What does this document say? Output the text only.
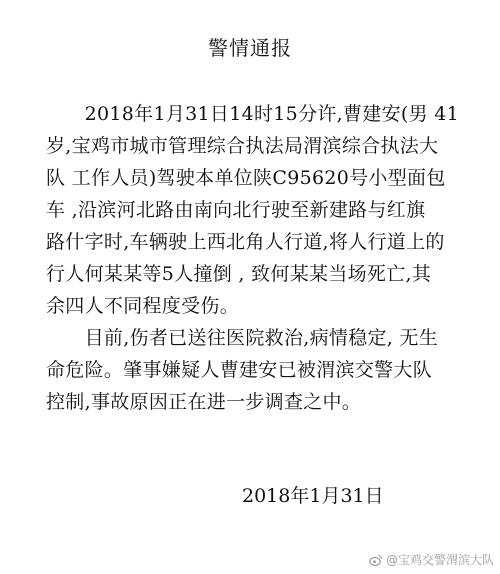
警情通报

　　2018年1月31日14时15分许,曹建安(男 41
岁,宝鸡市城市管理综合执法局渭滨综合执法大
队 工作人员)驾驶本单位陕C95620号小型面包
车 ,沿滨河北路由南向北行驶至新建路与红旗
路什字时,车辆驶上西北角人行道,将人行道上的
行人何某某等5人撞倒 , 致何某某当场死亡,其
余四人不同程度受伤。

　　目前,伤者已送往医院救治,病情稳定, 无生
命危险。肇事嫌疑人曹建安已被渭滨交警大队
控制,事故原因正在进一步调查之中。

2018年1月31日
@宝鸡交警渭滨大队
